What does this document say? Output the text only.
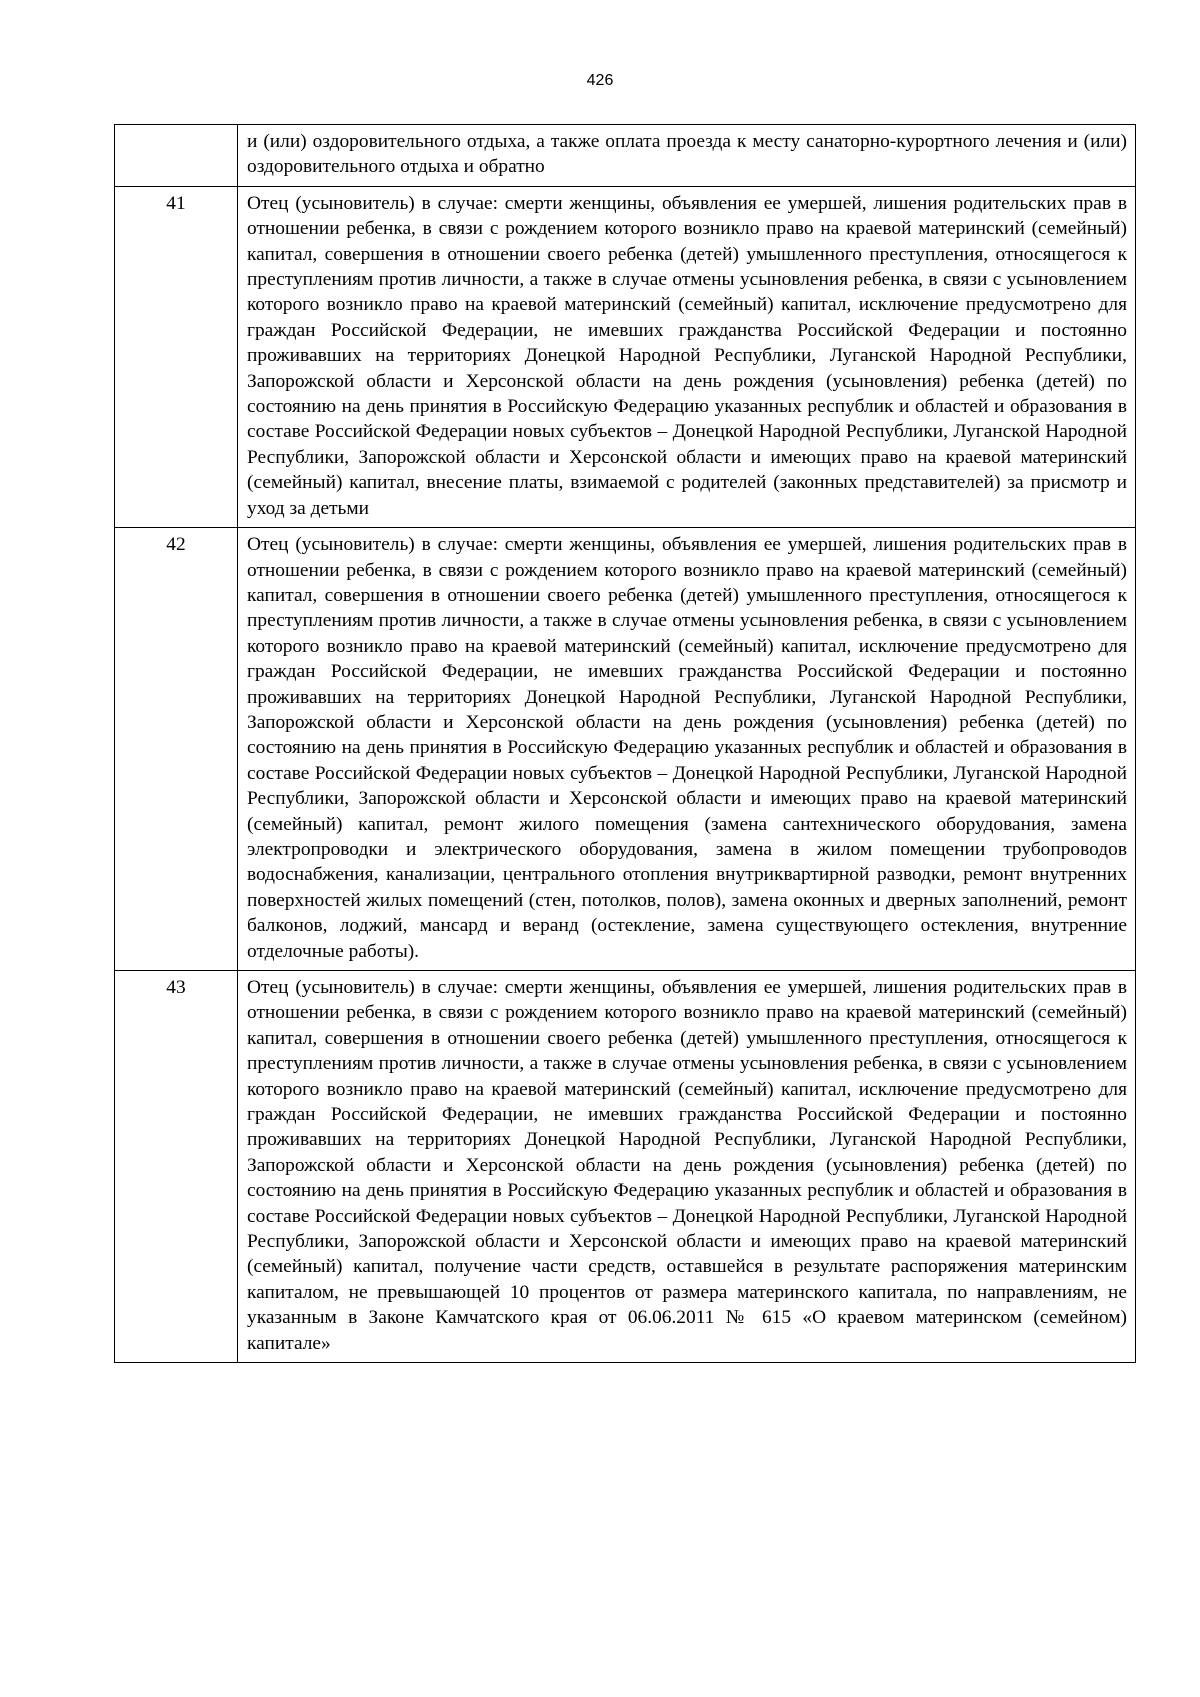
426
	и (или) оздоровительного отдыха, а также оплата проезда к месту санаторно-курортного лечения и (или) оздоровительного отдыха и обратно
41	Отец (усыновитель) в случае: смерти женщины, объявления ее умершей, лишения родительских прав в отношении ребенка, в связи с рождением которого возникло право на краевой материнский (семейный) капитал, совершения в отношении своего ребенка (детей) умышленного преступления, относящегося к преступлениям против личности, а также в случае отмены усыновления ребенка, в связи с усыновлением которого возникло право на краевой материнский (семейный) капитал, исключение предусмотрено для граждан Российской Федерации, не имевших гражданства Российской Федерации и постоянно проживавших на территориях Донецкой Народной Республики, Луганской Народной Республики, Запорожской области и Херсонской области на день рождения (усыновления) ребенка (детей) по состоянию на день принятия в Российскую Федерацию указанных республик и областей и образования в составе Российской Федерации новых субъектов – Донецкой Народной Республики, Луганской Народной Республики, Запорожской области и Херсонской области и имеющих право на краевой материнский (семейный) капитал, внесение платы, взимаемой с родителей (законных представителей) за присмотр и уход за детьми
42	Отец (усыновитель) в случае: смерти женщины, объявления ее умершей, лишения родительских прав в отношении ребенка, в связи с рождением которого возникло право на краевой материнский (семейный) капитал, совершения в отношении своего ребенка (детей) умышленного преступления, относящегося к преступлениям против личности, а также в случае отмены усыновления ребенка, в связи с усыновлением которого возникло право на краевой материнский (семейный) капитал, исключение предусмотрено для граждан Российской Федерации, не имевших гражданства Российской Федерации и постоянно проживавших на территориях Донецкой Народной Республики, Луганской Народной Республики, Запорожской области и Херсонской области на день рождения (усыновления) ребенка (детей) по состоянию на день принятия в Российскую Федерацию указанных республик и областей и образования в составе Российской Федерации новых субъектов – Донецкой Народной Республики, Луганской Народной Республики, Запорожской области и Херсонской области и имеющих право на краевой материнский (семейный) капитал, ремонт жилого помещения (замена сантехнического оборудования, замена электропроводки и электрического оборудования, замена в жилом помещении трубопроводов водоснабжения, канализации, центрального отопления внутриквартирной разводки, ремонт внутренних поверхностей жилых помещений (стен, потолков, полов), замена оконных и дверных заполнений, ремонт балконов, лоджий, мансард и веранд (остекление, замена существующего остекления, внутренние отделочные работы).
43	Отец (усыновитель) в случае: смерти женщины, объявления ее умершей, лишения родительских прав в отношении ребенка, в связи с рождением которого возникло право на краевой материнский (семейный) капитал, совершения в отношении своего ребенка (детей) умышленного преступления, относящегося к преступлениям против личности, а также в случае отмены усыновления ребенка, в связи с усыновлением которого возникло право на краевой материнский (семейный) капитал, исключение предусмотрено для граждан Российской Федерации, не имевших гражданства Российской Федерации и постоянно проживавших на территориях Донецкой Народной Республики, Луганской Народной Республики, Запорожской области и Херсонской области на день рождения (усыновления) ребенка (детей) по состоянию на день принятия в Российскую Федерацию указанных республик и областей и образования в составе Российской Федерации новых субъектов – Донецкой Народной Республики, Луганской Народной Республики, Запорожской области и Херсонской области и имеющих право на краевой материнский (семейный) капитал, получение части средств, оставшейся в результате распоряжения материнским капиталом, не превышающей 10 процентов от размера материнского капитала, по направлениям, не указанным в Законе Камчатского края от 06.06.2011 № 615 «О краевом материнском (семейном) капитале»
